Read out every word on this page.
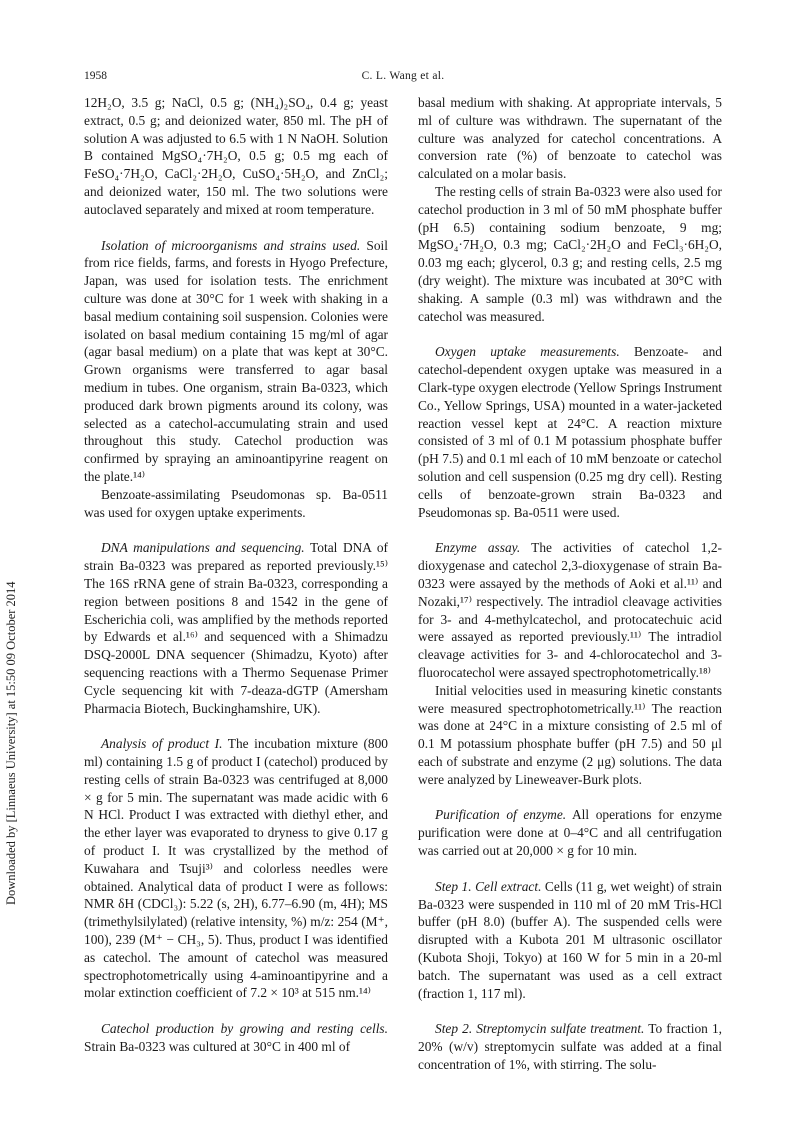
1958	C. L. Wang et al.
Downloaded by [Linnaeus University] at 15:50 09 October 2014

12H₂O, 3.5 g; NaCl, 0.5 g; (NH₄)₂SO₄, 0.4 g; yeast extract, 0.5 g; and deionized water, 850 ml. The pH of solution A was adjusted to 6.5 with 1 N NaOH. Solution B contained MgSO₄·7H₂O, 0.5 g; 0.5 mg each of FeSO₄·7H₂O, CaCl₂·2H₂O, CuSO₄·5H₂O, and ZnCl₂; and deionized water, 150 ml. The two solutions were autoclaved separately and mixed at room temperature.

Isolation of microorganisms and strains used. Soil from rice fields, farms, and forests in Hyogo Prefecture, Japan, was used for isolation tests. The enrichment culture was done at 30°C for 1 week with shaking in a basal medium containing soil suspension. Colonies were isolated on basal medium containing 15 mg/ml of agar (agar basal medium) on a plate that was kept at 30°C. Grown organisms were transferred to agar basal medium in tubes. One organism, strain Ba-0323, which produced dark brown pigments around its colony, was selected as a catechol-accumulating strain and used throughout this study. Catechol production was confirmed by spraying an aminoantipyrine reagent on the plate.¹⁴⁾

Benzoate-assimilating Pseudomonas sp. Ba-0511 was used for oxygen uptake experiments.

DNA manipulations and sequencing. Total DNA of strain Ba-0323 was prepared as reported previously.¹⁵⁾ The 16S rRNA gene of strain Ba-0323, corresponding a region between positions 8 and 1542 in the gene of Escherichia coli, was amplified by the methods reported by Edwards et al.¹⁶⁾ and sequenced with a Shimadzu DSQ-2000L DNA sequencer (Shimadzu, Kyoto) after sequencing reactions with a Thermo Sequenase Primer Cycle sequencing kit with 7-deaza-dGTP (Amersham Pharmacia Biotech, Buckinghamshire, UK).

Analysis of product I. The incubation mixture (800 ml) containing 1.5 g of product I (catechol) produced by resting cells of strain Ba-0323 was centrifuged at 8,000 × g for 5 min. The supernatant was made acidic with 6 N HCl. Product I was extracted with diethyl ether, and the ether layer was evaporated to dryness to give 0.17 g of product I. It was crystallized by the method of Kuwahara and Tsuji³⁾ and colorless needles were obtained. Analytical data of product I were as follows: NMR δH (CDCl₃): 5.22 (s, 2H), 6.77–6.90 (m, 4H); MS (trimethylsilylated) (relative intensity, %) m/z: 254 (M⁺, 100), 239 (M⁺ − CH₃, 5). Thus, product I was identified as catechol. The amount of catechol was measured spectrophotometrically using 4-aminoantipyrine and a molar extinction coefficient of 7.2 × 10³ at 515 nm.¹⁴⁾

Catechol production by growing and resting cells. Strain Ba-0323 was cultured at 30°C in 400 ml of

basal medium with shaking. At appropriate intervals, 5 ml of culture was withdrawn. The supernatant of the culture was analyzed for catechol concentrations. A conversion rate (%) of benzoate to catechol was calculated on a molar basis.

The resting cells of strain Ba-0323 were also used for catechol production in 3 ml of 50 mM phosphate buffer (pH 6.5) containing sodium benzoate, 9 mg; MgSO₄·7H₂O, 0.3 mg; CaCl₂·2H₂O and FeCl₃·6H₂O, 0.03 mg each; glycerol, 0.3 g; and resting cells, 2.5 mg (dry weight). The mixture was incubated at 30°C with shaking. A sample (0.3 ml) was withdrawn and the catechol was measured.

Oxygen uptake measurements. Benzoate- and catechol-dependent oxygen uptake was measured in a Clark-type oxygen electrode (Yellow Springs Instrument Co., Yellow Springs, USA) mounted in a water-jacketed reaction vessel kept at 24°C. A reaction mixture consisted of 3 ml of 0.1 M potassium phosphate buffer (pH 7.5) and 0.1 ml each of 10 mM benzoate or catechol solution and cell suspension (0.25 mg dry cell). Resting cells of benzoate-grown strain Ba-0323 and Pseudomonas sp. Ba-0511 were used.

Enzyme assay. The activities of catechol 1,2-dioxygenase and catechol 2,3-dioxygenase of strain Ba-0323 were assayed by the methods of Aoki et al.¹¹⁾ and Nozaki,¹⁷⁾ respectively. The intradiol cleavage activities for 3- and 4-methylcatechol, and protocatechuic acid were assayed as reported previously.¹¹⁾ The intradiol cleavage activities for 3- and 4-chlorocatechol and 3-fluorocatechol were assayed spectrophotometrically.¹⁸⁾

Initial velocities used in measuring kinetic constants were measured spectrophotometrically.¹¹⁾ The reaction was done at 24°C in a mixture consisting of 2.5 ml of 0.1 M potassium phosphate buffer (pH 7.5) and 50 μl each of substrate and enzyme (2 μg) solutions. The data were analyzed by Lineweaver-Burk plots.

Purification of enzyme. All operations for enzyme purification were done at 0–4°C and all centrifugation was carried out at 20,000 × g for 10 min.

Step 1. Cell extract. Cells (11 g, wet weight) of strain Ba-0323 were suspended in 110 ml of 20 mM Tris-HCl buffer (pH 8.0) (buffer A). The suspended cells were disrupted with a Kubota 201 M ultrasonic oscillator (Kubota Shoji, Tokyo) at 160 W for 5 min in a 20-ml batch. The supernatant was used as a cell extract (fraction 1, 117 ml).

Step 2. Streptomycin sulfate treatment. To fraction 1, 20% (w/v) streptomycin sulfate was added at a final concentration of 1%, with stirring. The solu-
